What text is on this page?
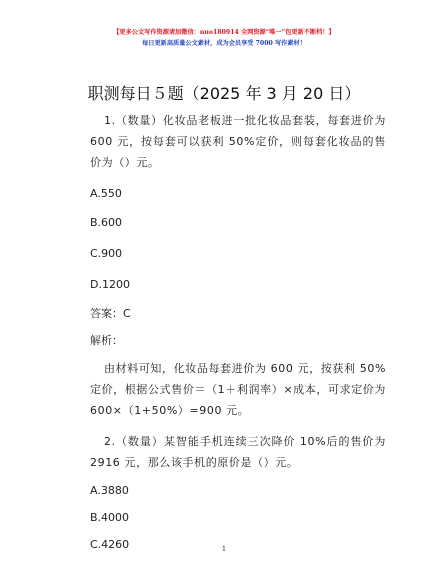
【更多公文写作资源请加微信：nuo180914 全网资源“唯一”包更新不断档！】
每日更新高质量公文素材，成为会员享受 7000 写作素材！
职测每日５题（2025 年 3 月 20 日）

1.（数量）化妆品老板进一批化妆品套装，每套进价为 600 元，按每套可以获利 50%定价，则每套化妆品的售价为（）元。

A.550

B.600

C.900

D.1200

答案：C

解析：

由材料可知，化妆品每套进价为 600 元，按获利 50%定价，根据公式售价＝（1＋利润率）×成本，可求定价为 600×（1+50%）=900 元。

2.（数量）某智能手机连续三次降价 10%后的售价为 2916 元，那么该手机的原价是（）元。

A.3880

B.4000

C.4260	1
